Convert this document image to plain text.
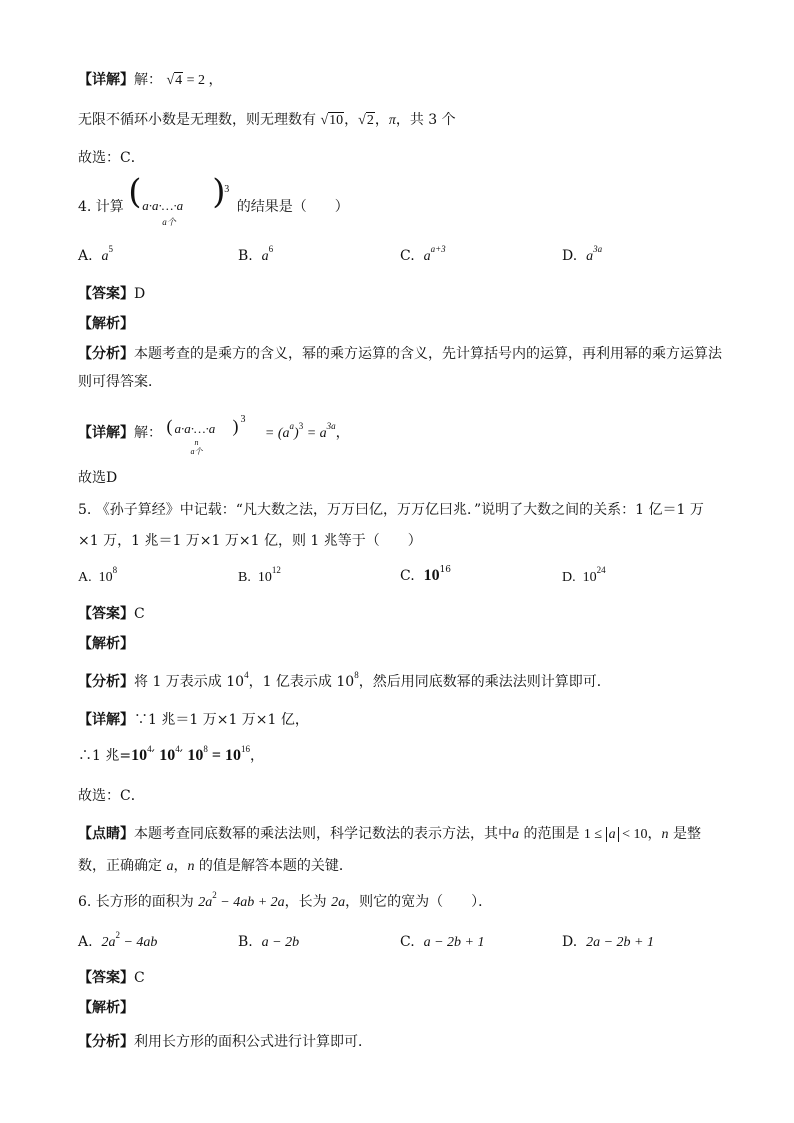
【详解】解： √4 = 2 ，
无限不循环小数是无理数，则无理数有 √10，√2，π，共 3 个
故选：C．
4. 计算 ( a·a·…·a
a个
)
3
的结果是（　　）
A. $a^5$	B. $a^6$	C. $a^{a+3}$	D. $a^{3a}$
【答案】D
【解析】
【分析】本题考查的是乘方的含义，幂的乘方运算的含义，先计算括号内的运算，再利用幂的乘方运算法
则可得答案．
【详解】解： ( a·a·…·a
n
a个
) 3
= $(a^a)^3 = a^{3a}$，
故选D
5. 《孙子算经》中记载：“凡大数之法，万万曰亿，万万亿曰兆．”说明了大数之间的关系：1 亿＝1 万
×1 万，1 兆＝1 万×1 万×1 亿，则 1 兆等于（　　）
A. $10^8$
B. $10^{12}$	C. $10^{16}$
D. $10^{24}$
【答案】C
【解析】
【分析】将 1 万表示成 $10^4$，1 亿表示成 $10^8$，然后用同底数幂的乘法法则计算即可．
【详解】∵1 兆＝1 万×1 万×1 亿，
∴1 兆$=10^4'$ $10^4'$ $10^8 = 10^{16}$，
故选：C．
【点睛】本题考查同底数幂的乘法法则，科学记数法的表示方法，其中a 的范围是 1 ≤ a < 10，n 是整
数，正确确定 a，n 的值是解答本题的关键．
6. 长方形的面积为 $2a^2 - 4ab + 2a$，长为 2a，则它的宽为（　　）．
A. $2a^2 - 4ab$	B. a − 2b	C. a − 2b + 1	D. 2a − 2b + 1
【答案】C
【解析】
【分析】利用长方形的面积公式进行计算即可．
